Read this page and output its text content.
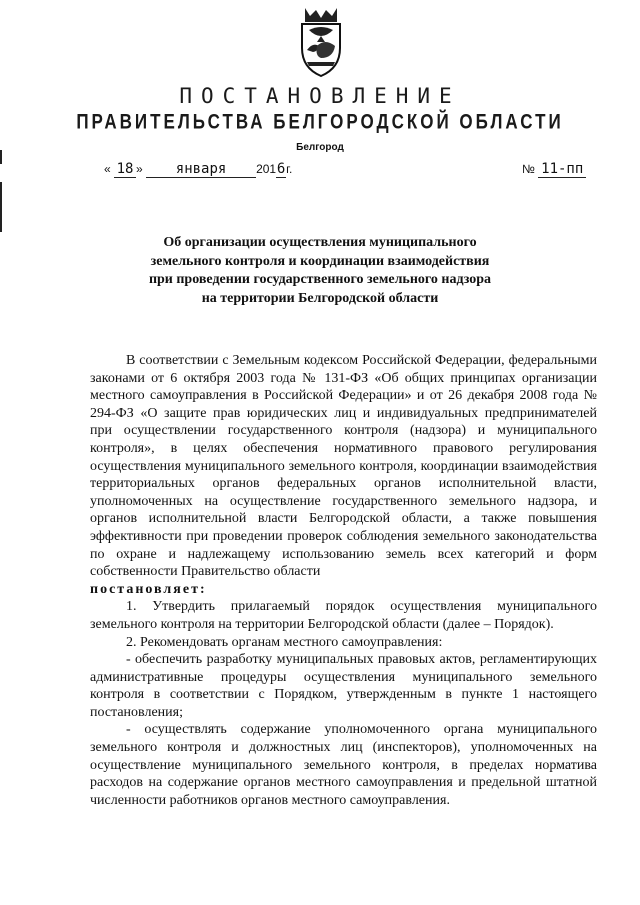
ПОСТАНОВЛЕНИЕ
ПРАВИТЕЛЬСТВА БЕЛГОРОДСКОЙ ОБЛАСТИ
Белгород
« 18 » января 2016г.	№ 11-пп
Об организации осуществления муниципального
земельного контроля и координации взаимодействия
при проведении государственного земельного надзора
на территории Белгородской области

В соответствии с Земельным кодексом Российской Федерации, федеральными законами от 6 октября 2003 года № 131-ФЗ «Об общих принципах организации местного самоуправления в Российской Федерации» и от 26 декабря 2008 года № 294-ФЗ «О защите прав юридических лиц и индивидуальных предпринимателей при осуществлении государственного контроля (надзора) и муниципального контроля», в целях обеспечения нормативного правового регулирования осуществления муниципального земельного контроля, координации взаимодействия территориальных органов федеральных органов исполнительной власти, уполномоченных на осуществление государственного земельного надзора, и органов исполнительной власти Белгородской области, а также повышения эффективности при проведении проверок соблюдения земельного законодательства по охране и надлежащему использованию земель всех категорий и форм собственности Правительство области

постановляет:

1. Утвердить прилагаемый порядок осуществления муниципального земельного контроля на территории Белгородской области (далее – Порядок).

2. Рекомендовать органам местного самоуправления:

- обеспечить разработку муниципальных правовых актов, регламентирующих административные процедуры осуществления муниципального земельного контроля в соответствии с Порядком, утвержденным в пункте 1 настоящего постановления;

- осуществлять содержание уполномоченного органа муниципального земельного контроля и должностных лиц (инспекторов), уполномоченных на осуществление муниципального земельного контроля, в пределах норматива расходов на содержание органов местного самоуправления и предельной штатной численности работников органов местного самоуправления.
